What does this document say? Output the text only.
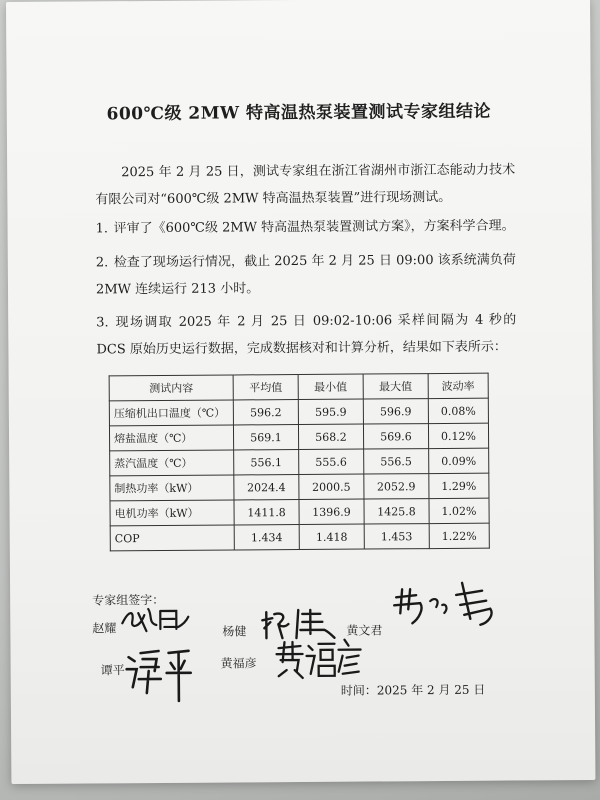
600℃级 2MW 特高温热泵装置测试专家组结论
2025 年 2 月 25 日，测试专家组在浙江省湖州市浙江态能动力技术有限公司对“600℃级 2MW 特高温热泵装置”进行现场测试。
1. 评审了《600℃级 2MW 特高温热泵装置测试方案》，方案科学合理。
2. 检查了现场运行情况，截止 2025 年 2 月 25 日 09:00 该系统满负荷 2MW 连续运行 213 小时。
3. 现场调取 2025 年 2 月 25 日 09:02-10:06 采样间隔为 4 秒的 DCS 原始历史运行数据，完成数据核对和计算分析，结果如下表所示：
测试内容	平均值	最小值	最大值	波动率
压缩机出口温度（℃）	596.2	595.9	596.9	0.08%
熔盐温度（℃）	569.1	568.2	569.6	0.12%
蒸汽温度（℃）	556.1	555.6	556.5	0.09%
制热功率（kW）	2024.4	2000.5	2052.9	1.29%
电机功率（kW）	1411.8	1396.9	1425.8	1.02%
COP	1.434	1.418	1.453	1.22%
专家组签字：
赵耀	杨健	黄文君
谭平	黄福彦
时间：2025 年 2 月 25 日
